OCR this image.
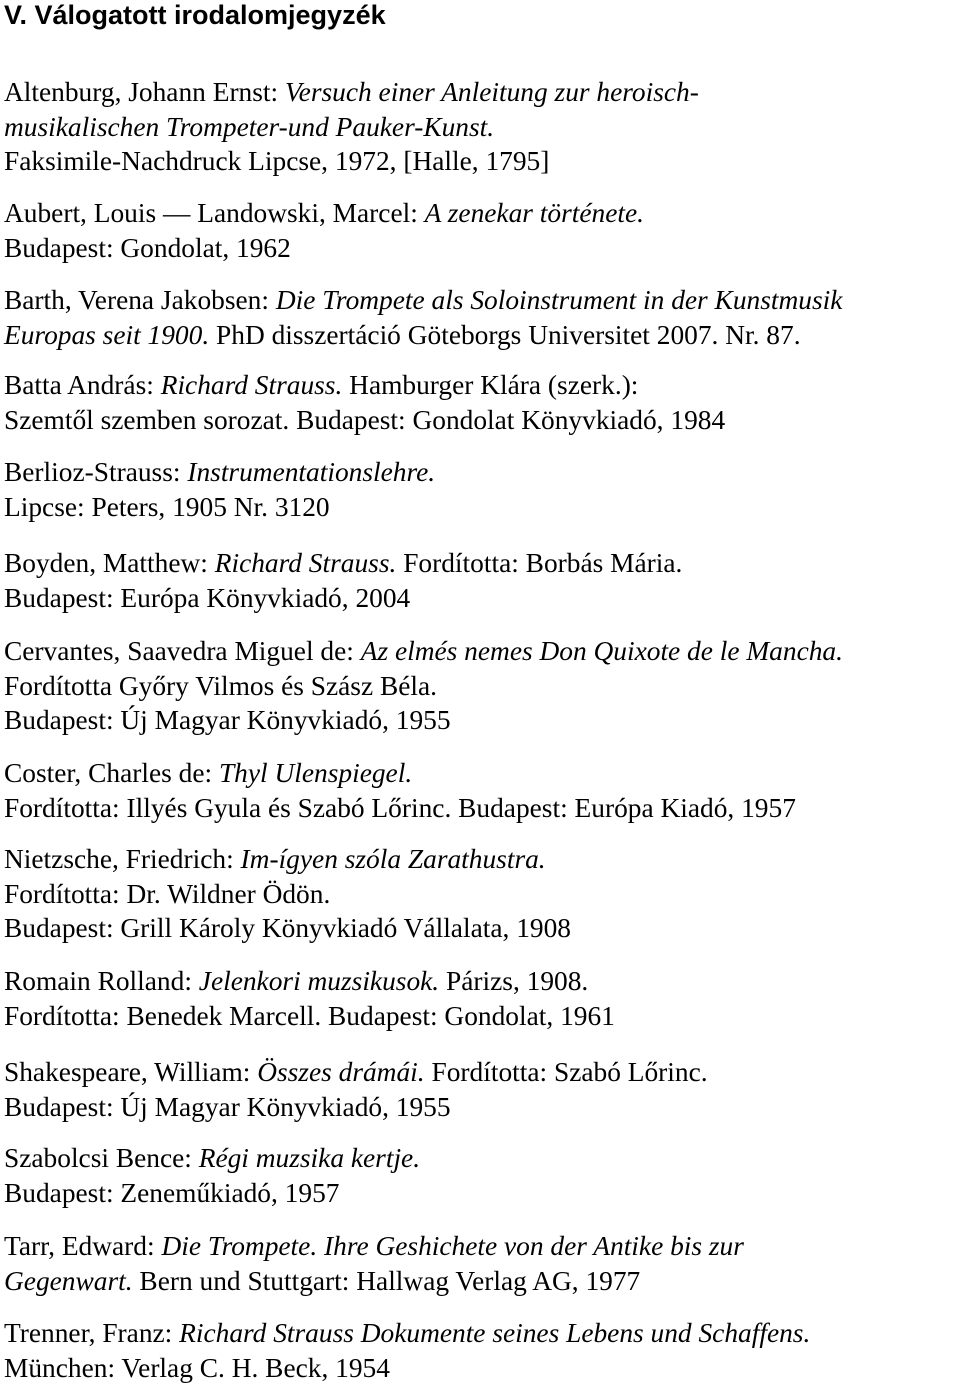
V. Válogatott irodalomjegyzék
Altenburg, Johann Ernst: Versuch einer Anleitung zur heroisch-
musikalischen Trompeter-und Pauker-Kunst.
Faksimile-Nachdruck Lipcse, 1972, [Halle, 1795]
Aubert, Louis — Landowski, Marcel: A zenekar története.
Budapest: Gondolat, 1962
Barth, Verena Jakobsen: Die Trompete als Soloinstrument in der Kunstmusik
Europas seit 1900. PhD disszertáció Göteborgs Universitet 2007. Nr. 87.
Batta András: Richard Strauss. Hamburger Klára (szerk.):
Szemtől szemben sorozat. Budapest: Gondolat Könyvkiadó, 1984
Berlioz-Strauss: Instrumentationslehre.
Lipcse: Peters, 1905 Nr. 3120
Boyden, Matthew: Richard Strauss. Fordította: Borbás Mária.
Budapest: Európa Könyvkiadó, 2004
Cervantes, Saavedra Miguel de: Az elmés nemes Don Quixote de le Mancha.
Fordította Győry Vilmos és Szász Béla.
Budapest: Új Magyar Könyvkiadó, 1955
Coster, Charles de: Thyl Ulenspiegel.
Fordította: Illyés Gyula és Szabó Lőrinc. Budapest: Európa Kiadó, 1957
Nietzsche, Friedrich: Im-ígyen szóla Zarathustra.
Fordította: Dr. Wildner Ödön.
Budapest: Grill Károly Könyvkiadó Vállalata, 1908
Romain Rolland: Jelenkori muzsikusok. Párizs, 1908.
Fordította: Benedek Marcell. Budapest: Gondolat, 1961
Shakespeare, William: Összes drámái. Fordította: Szabó Lőrinc.
Budapest: Új Magyar Könyvkiadó, 1955
Szabolcsi Bence: Régi muzsika kertje.
Budapest: Zeneműkiadó, 1957
Tarr, Edward: Die Trompete. Ihre Geshichete von der Antike bis zur
Gegenwart. Bern und Stuttgart: Hallwag Verlag AG, 1977
Trenner, Franz: Richard Strauss Dokumente seines Lebens und Schaffens.
München: Verlag C. H. Beck, 1954
